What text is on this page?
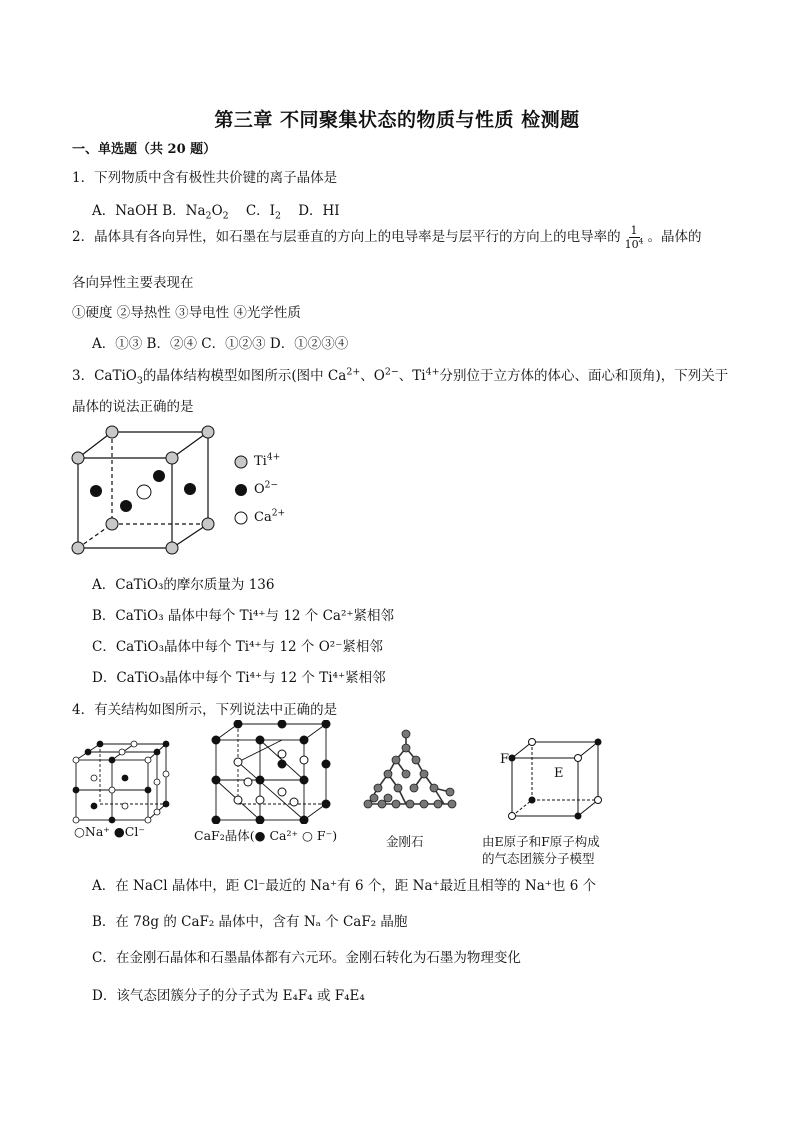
第三章 不同聚集状态的物质与性质 检测题
一、单选题（共 20 题）
1．下列物质中含有极性共价键的离子晶体是
A．NaOH B．$Na_2O_2$ C．$I_2$ D．HI
2．晶体具有各向异性，如石墨在与层垂直的方向上的电导率是与层平行的方向上的电导率的 $\frac{1}{10^4}$ 。晶体的
各向异性主要表现在
①硬度 ②导热性 ③导电性 ④光学性质
A．①③ B．②④ C．①②③ D．①②③④
3．CaTiO$_3$的晶体结构模型如图所示(图中 $Ca^{2+}$、$O^{2-}$、$Ti^{4+}$分别位于立方体的体心、面心和顶角)，下列关于
晶体的说法正确的是
$Ti^{4+}$
$O^{2-}$
$Ca^{2+}$
A．CaTiO₃的摩尔质量为 136
B．CaTiO₃ 晶体中每个 Ti⁴⁺与 12 个 Ca²⁺紧相邻
C．CaTiO₃晶体中每个 Ti⁴⁺与 12 个 O²⁻紧相邻
D．CaTiO₃晶体中每个 Ti⁴⁺与 12 个 Ti⁴⁺紧相邻
4．有关结构如图所示，下列说法中正确的是
○Na⁺ ●Cl⁻	CaF₂晶体(● Ca²⁺ ○ F⁻)	金刚石
F
E
由E原子和F原子构成
的气态团簇分子模型
A．在 NaCl 晶体中，距 Cl⁻最近的 Na⁺有 6 个，距 Na⁺最近且相等的 Na⁺也 6 个
B．在 78g 的 CaF₂ 晶体中，含有 Nₐ 个 CaF₂ 晶胞
C．在金刚石晶体和石墨晶体都有六元环。金刚石转化为石墨为物理变化
D．该气态团簇分子的分子式为 E₄F₄ 或 F₄E₄
